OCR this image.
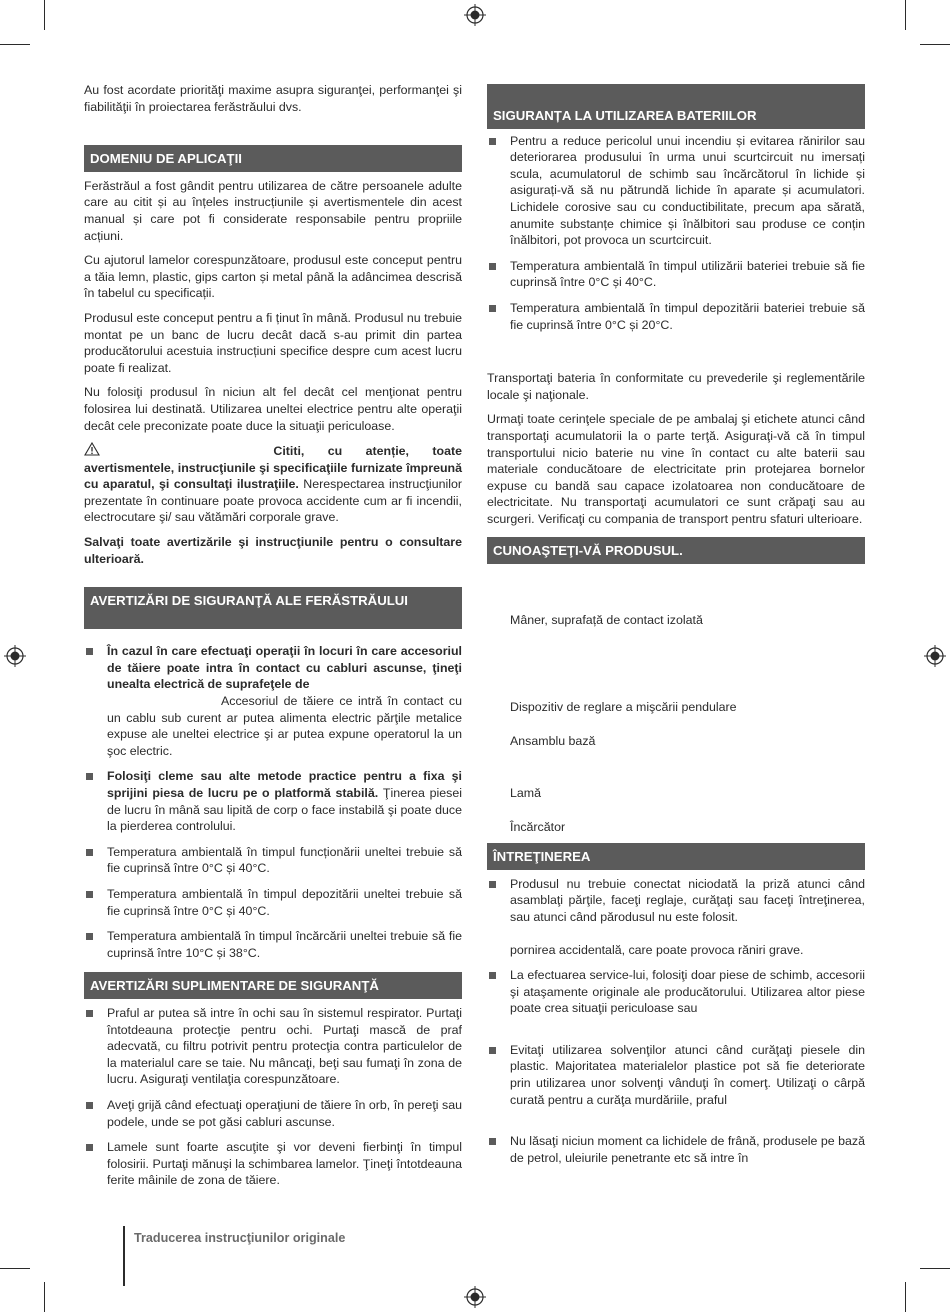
Au fost acordate priorităţi maxime asupra siguranţei, performanţei şi fiabilităţii în proiectarea ferăstrăului dvs.

DOMENIU DE APLICAŢII

Ferăstrăul a fost gândit pentru utilizarea de către persoanele adulte care au citit și au înțeles instrucțiunile și avertismentele din acest manual și care pot fi considerate responsabile pentru propriile acțiuni.

Cu ajutorul lamelor corespunzătoare, produsul este conceput pentru a tăia lemn, plastic, gips carton și metal până la adâncimea descrisă în tabelul cu specificații.

Produsul este conceput pentru a fi ținut în mână. Produsul nu trebuie montat pe un banc de lucru decât dacă s-au primit din partea producătorului acestuia instrucțiuni specifice despre cum acest lucru poate fi realizat.

Nu folosiţi produsul în niciun alt fel decât cel menţionat pentru folosirea lui destinată. Utilizarea uneltei electrice pentru alte operaţii decât cele preconizate poate duce la situaţii periculoase.

Cititi, cu atenție, toate avertismentele, instrucţiunile şi specificaţiile furnizate împreună cu aparatul, şi consultaţi ilustraţiile. Nerespectarea instrucţiunilor prezentate în continuare poate provoca accidente cum ar fi incendii, electrocutare şi/ sau vătămări corporale grave.

Salvaţi toate avertizările şi instrucţiunile pentru o consultare ulterioară.

AVERTIZĂRI DE SIGURANŢĂ ALE FERĂSTRĂULUI
În cazul în care efectuaţi operaţii în locuri în care accesoriul de tăiere poate intra în contact cu cabluri ascunse, ţineţi unealta electrică de suprafeţele de
Accesoriul de tăiere ce intră în contact cu un cablu sub curent ar putea alimenta electric părţile metalice expuse ale uneltei electrice şi ar putea expune operatorul la un şoc electric.
Folosiţi cleme sau alte metode practice pentru a fixa şi sprijini piesa de lucru pe o platformă stabilă. Ţinerea piesei de lucru în mână sau lipită de corp o face instabilă şi poate duce la pierderea controlului.
Temperatura ambientală în timpul funcționării uneltei trebuie să fie cuprinsă între 0°C și 40°C.
Temperatura ambientală în timpul depozitării uneltei trebuie să fie cuprinsă între 0°C și 40°C.
Temperatura ambientală în timpul încărcării uneltei trebuie să fie cuprinsă între 10°C și 38°C.
AVERTIZĂRI SUPLIMENTARE DE SIGURANŢĂ
Praful ar putea să intre în ochi sau în sistemul respirator. Purtaţi întotdeauna protecţie pentru ochi. Purtaţi mască de praf adecvată, cu filtru potrivit pentru protecţia contra particulelor de la materialul care se taie. Nu mâncaţi, beţi sau fumaţi în zona de lucru. Asiguraţi ventilaţia corespunzătoare.
Aveţi grijă când efectuaţi operaţiuni de tăiere în orb, în pereţi sau podele, unde se pot găsi cabluri ascunse.
Lamele sunt foarte ascuţite şi vor deveni fierbinţi în timpul folosirii. Purtaţi mănuşi la schimbarea lamelor. Ţineţi întotdeauna ferite mâinile de zona de tăiere.
SIGURANȚA LA UTILIZAREA BATERIILOR
Pentru a reduce pericolul unui incendiu și evitarea rănirilor sau deteriorarea produsului în urma unui scurtcircuit nu imersați scula, acumulatorul de schimb sau încărcătorul în lichide și asigurați-vă să nu pătrundă lichide în aparate și acumulatori. Lichidele corosive sau cu conductibilitate, precum apa sărată, anumite substanțe chimice și înălbitori sau produse ce conțin înălbitori, pot provoca un scurtcircuit.
Temperatura ambientală în timpul utilizării bateriei trebuie să fie cuprinsă între 0°C și 40°C.
Temperatura ambientală în timpul depozitării bateriei trebuie să fie cuprinsă între 0°C și 20°C.

Transportaţi bateria în conformitate cu prevederile şi reglementările locale şi naţionale.

Urmaţi toate cerinţele speciale de pe ambalaj şi etichete atunci când transportaţi acumulatorii la o parte terţă. Asiguraţi-vă că în timpul transportului nicio baterie nu vine în contact cu alte baterii sau materiale conducătoare de electricitate prin protejarea bornelor expuse cu bandă sau capace izolatoarea non conducătoare de electricitate. Nu transportaţi acumulatori ce sunt crăpaţi sau au scurgeri. Verificaţi cu compania de transport pentru sfaturi ulterioare.

CUNOAŞTEŢI-VĂ PRODUSUL.
Mâner, suprafață de contact izolată
Dispozitiv de reglare a mişcării pendulare
Ansamblu bază
Lamă
Încărcător
ÎNTREŢINEREA
Produsul nu trebuie conectat niciodată la priză atunci când asamblaţi părţile, faceţi reglaje, curăţaţi sau faceţi întreţinerea, sau atunci când părodusul nu este folosit.
pornirea accidentală, care poate provoca răniri grave.
La efectuarea service-lui, folosiţi doar piese de schimb, accesorii şi ataşamente originale ale producătorului. Utilizarea altor piese poate crea situaţii periculoase sau
Evitaţi utilizarea solvenţilor atunci când curăţaţi piesele din plastic. Majoritatea materialelor plastice pot să fie deteriorate prin utilizarea unor solvenţi vânduţi în comerţ. Utilizaţi o cârpă curată pentru a curăţa murdăriile, praful
Nu lăsaţi niciun moment ca lichidele de frână, produsele pe bază de petrol, uleiurile penetrante etc să intre în
Traducerea instrucţiunilor originale
